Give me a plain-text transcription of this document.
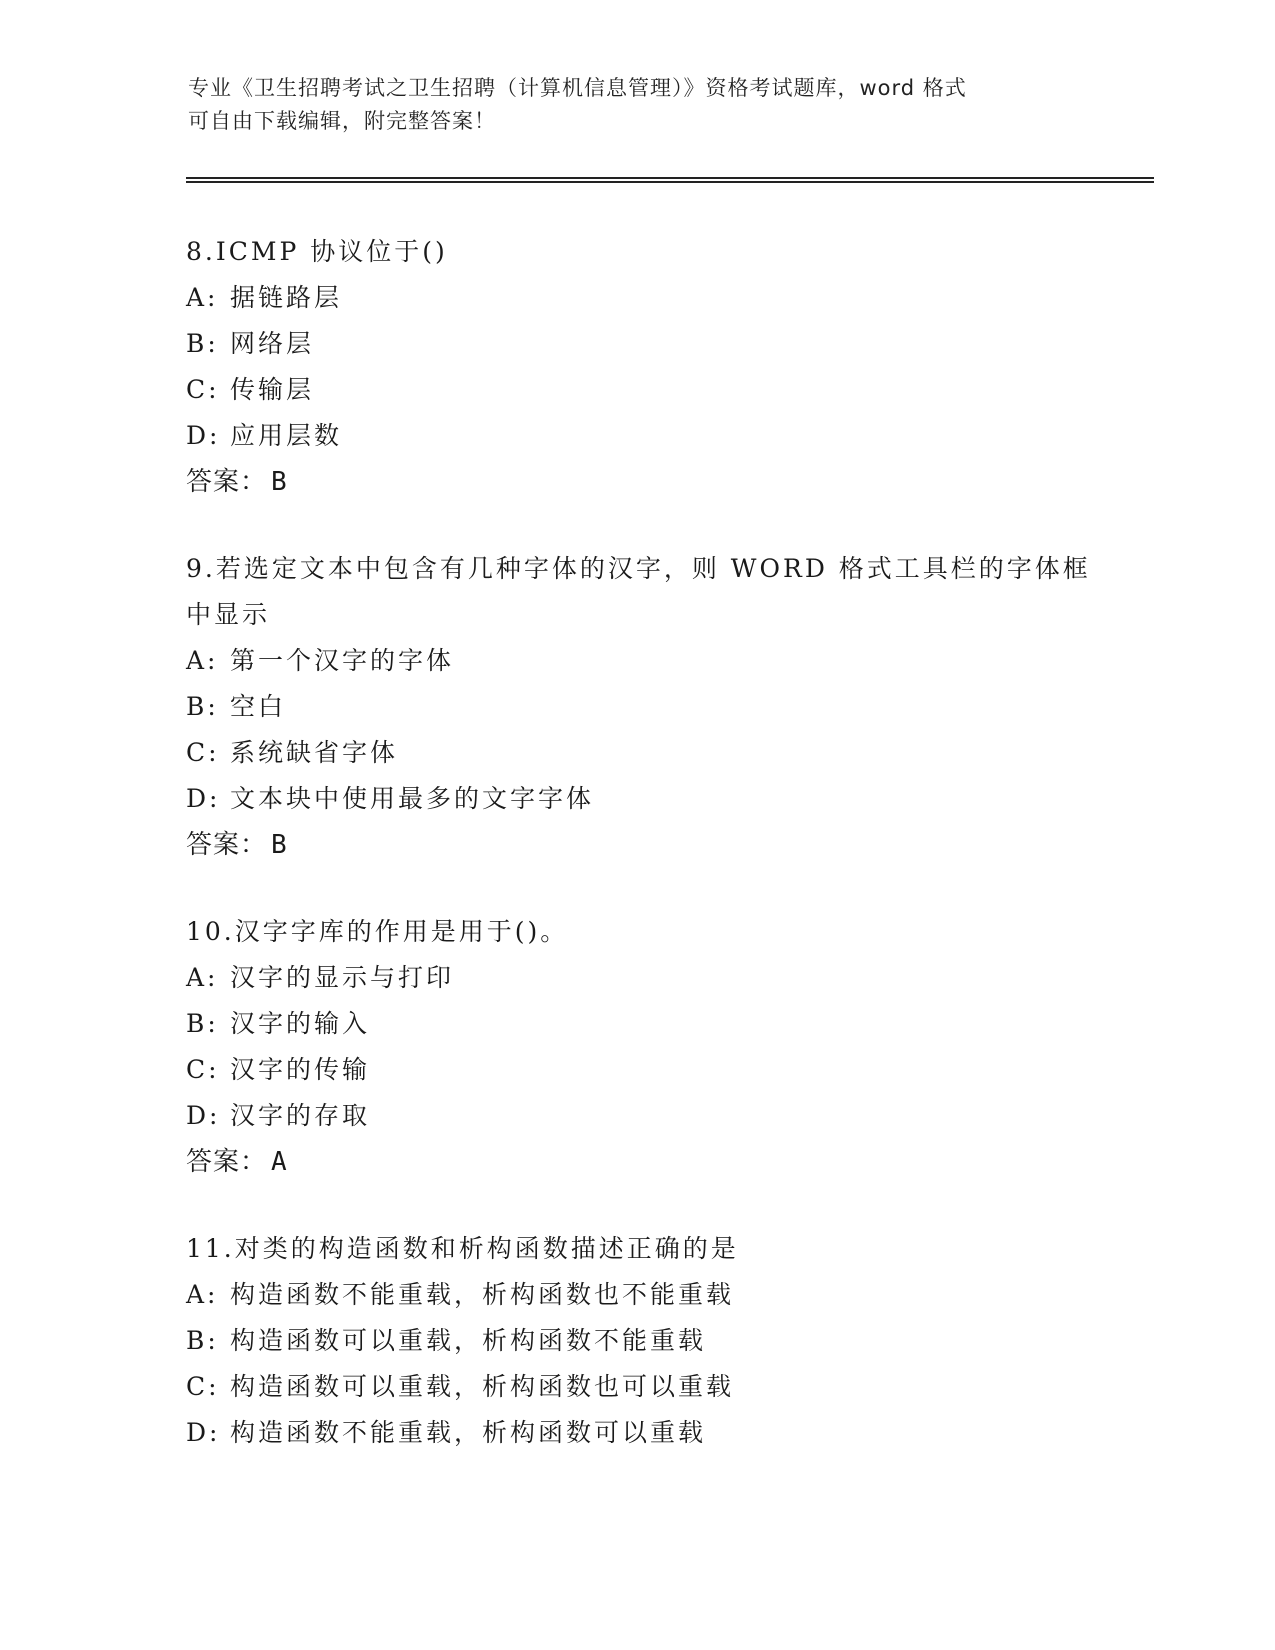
专业《卫生招聘考试之卫生招聘（计算机信息管理）》资格考试题库，word 格式
可自由下载编辑，附完整答案！
8.ICMP 协议位于()
A: 据链路层
B: 网络层
C: 传输层
D: 应用层数
答案： B
9.若选定文本中包含有几种字体的汉字，则 WORD 格式工具栏的字体框
中显示
A: 第一个汉字的字体
B: 空白
C: 系统缺省字体
D: 文本块中使用最多的文字字体
答案： B
10.汉字字库的作用是用于()。
A: 汉字的显示与打印
B: 汉字的输入
C: 汉字的传输
D: 汉字的存取
答案： A
11.对类的构造函数和析构函数描述正确的是
A: 构造函数不能重载，析构函数也不能重载
B: 构造函数可以重载，析构函数不能重载
C: 构造函数可以重载，析构函数也可以重载
D: 构造函数不能重载，析构函数可以重载
